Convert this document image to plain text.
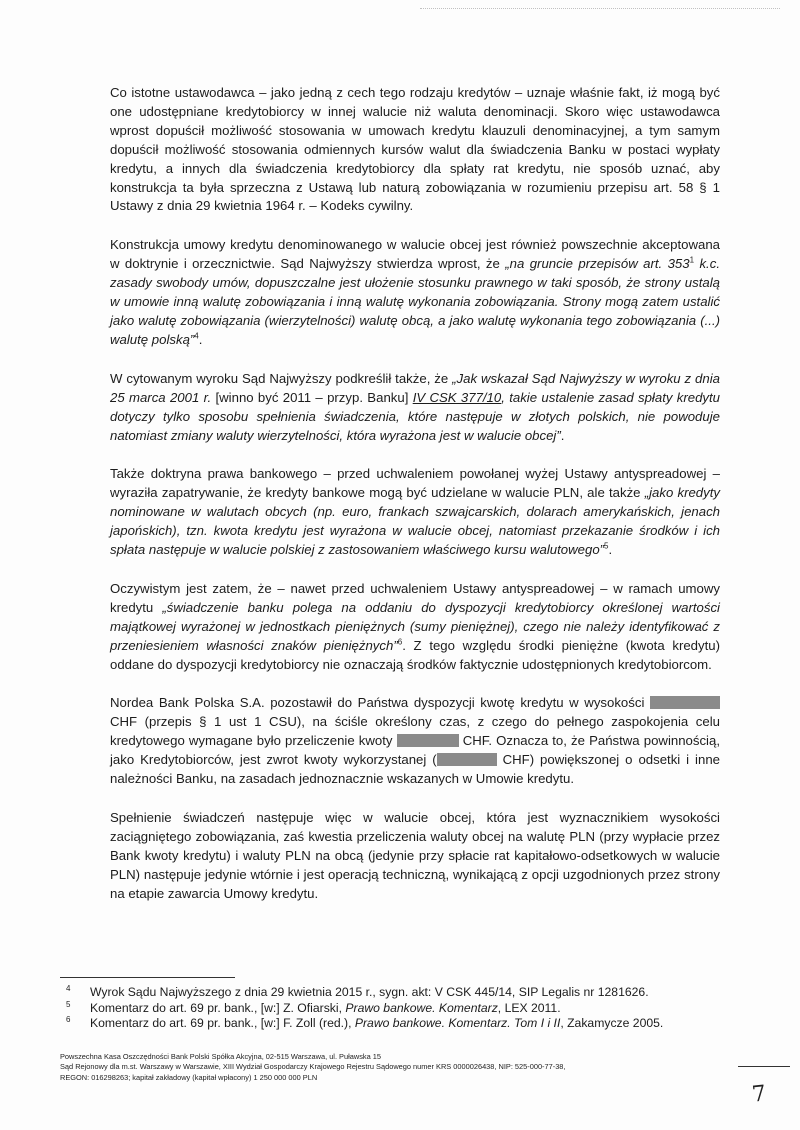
Co istotne ustawodawca – jako jedną z cech tego rodzaju kredytów – uznaje właśnie fakt, iż mogą być one udostępniane kredytobiorcy w innej walucie niż waluta denominacji. Skoro więc ustawodawca wprost dopuścił możliwość stosowania w umowach kredytu klauzuli denominacyjnej, a tym samym dopuścił możliwość stosowania odmiennych kursów walut dla świadczenia Banku w postaci wypłaty kredytu, a innych dla świadczenia kredytobiorcy dla spłaty rat kredytu, nie sposób uznać, aby konstrukcja ta była sprzeczna z Ustawą lub naturą zobowiązania w rozumieniu przepisu art. 58 § 1 Ustawy z dnia 29 kwietnia 1964 r. – Kodeks cywilny.

Konstrukcja umowy kredytu denominowanego w walucie obcej jest również powszechnie akceptowana w doktrynie i orzecznictwie. Sąd Najwyższy stwierdza wprost, że „na gruncie przepisów art. $353^1$ k.c. zasady swobody umów, dopuszczalne jest ułożenie stosunku prawnego w taki sposób, że strony ustalą w umowie inną walutę zobowiązania i inną walutę wykonania zobowiązania. Strony mogą zatem ustalić jako walutę zobowiązania (wierzytelności) walutę obcą, a jako walutę wykonania tego zobowiązania (...) walutę polską”$^4$.

W cytowanym wyroku Sąd Najwyższy podkreślił także, że „Jak wskazał Sąd Najwyższy w wyroku z dnia 25 marca 2001 r. [winno być 2011 – przyp. Banku] IV CSK 377/10, takie ustalenie zasad spłaty kredytu dotyczy tylko sposobu spełnienia świadczenia, które następuje w złotych polskich, nie powoduje natomiast zmiany waluty wierzytelności, która wyrażona jest w walucie obcej”.

Także doktryna prawa bankowego – przed uchwaleniem powołanej wyżej Ustawy antyspreadowej – wyraziła zapatrywanie, że kredyty bankowe mogą być udzielane w walucie PLN, ale także „jako kredyty nominowane w walutach obcych (np. euro, frankach szwajcarskich, dolarach amerykańskich, jenach japońskich), tzn. kwota kredytu jest wyrażona w walucie obcej, natomiast przekazanie środków i ich spłata następuje w walucie polskiej z zastosowaniem właściwego kursu walutowego”$^5$.

Oczywistym jest zatem, że – nawet przed uchwaleniem Ustawy antyspreadowej – w ramach umowy kredytu „świadczenie banku polega na oddaniu do dyspozycji kredytobiorcy określonej wartości majątkowej wyrażonej w jednostkach pieniężnych (sumy pieniężnej), czego nie należy identyfikować z przeniesieniem własności znaków pieniężnych”$^6$. Z tego względu środki pieniężne (kwota kredytu) oddane do dyspozycji kredytobiorcy nie oznaczają środków faktycznie udostępnionych kredytobiorcom.

Nordea Bank Polska S.A. pozostawił do Państwa dyspozycji kwotę kredytu w wysokości  CHF (przepis § 1 ust 1 CSU), na ściśle określony czas, z czego do pełnego zaspokojenia celu kredytowego wymagane było przeliczenie kwoty	CHF. Oznacza to, że Państwa powinnością, jako Kredytobiorców, jest zwrot kwoty wykorzystanej (	CHF) powiększonej o odsetki i inne należności Banku, na zasadach jednoznacznie wskazanych w Umowie kredytu.

Spełnienie świadczeń następuje więc w walucie obcej, która jest wyznacznikiem wysokości zaciągniętego zobowiązania, zaś kwestia przeliczenia waluty obcej na walutę PLN (przy wypłacie przez Bank kwoty kredytu) i waluty PLN na obcą (jedynie przy spłacie rat kapitałowo-odsetkowych w walucie PLN) następuje jedynie wtórnie i jest operacją techniczną, wynikającą z opcji uzgodnionych przez strony na etapie zawarcia Umowy kredytu.

4 Wyrok Sądu Najwyższego z dnia 29 kwietnia 2015 r., sygn. akt: V CSK 445/14, SIP Legalis nr 1281626.
5 Komentarz do art. 69 pr. bank., [w:] Z. Ofiarski, Prawo bankowe. Komentarz, LEX 2011.
6 Komentarz do art. 69 pr. bank., [w:] F. Zoll (red.), Prawo bankowe. Komentarz. Tom I i II, Zakamycze 2005.
Powszechna Kasa Oszczędności Bank Polski Spółka Akcyjna, 02-515 Warszawa, ul. Puławska 15
Sąd Rejonowy dla m.st. Warszawy w Warszawie, XIII Wydział Gospodarczy Krajowego Rejestru Sądowego numer KRS 0000026438, NIP: 525-000-77-38,
REGON: 016298263; kapitał zakładowy (kapitał wpłacony) 1 250 000 000 PLN
7
